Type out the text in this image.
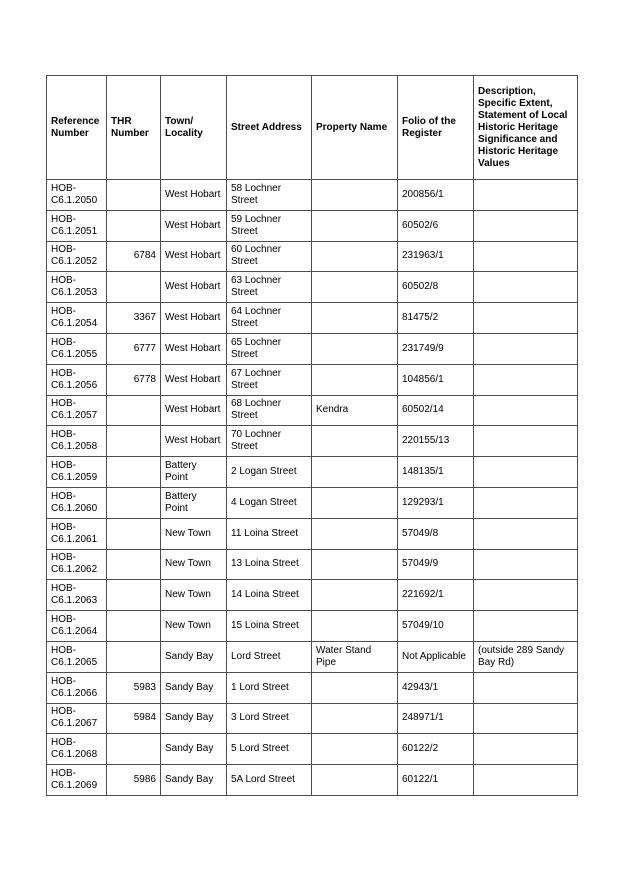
Reference Number	THR Number	Town/ Locality	Street Address	Property Name	Folio of the Register	Description, Specific Extent, Statement of Local Historic Heritage Significance and Historic Heritage Values
HOB-C6.1.2050		West Hobart	58 Lochner Street		200856/1	
HOB-C6.1.2051		West Hobart	59 Lochner Street		60502/6	
HOB-C6.1.2052	6784	West Hobart	60 Lochner Street		231963/1	
HOB-C6.1.2053		West Hobart	63 Lochner Street		60502/8	
HOB-C6.1.2054	3367	West Hobart	64 Lochner Street		81475/2	
HOB-C6.1.2055	6777	West Hobart	65 Lochner Street		231749/9	
HOB-C6.1.2056	6778	West Hobart	67 Lochner Street		104856/1	
HOB-C6.1.2057		West Hobart	68 Lochner Street	Kendra	60502/14	
HOB-C6.1.2058		West Hobart	70 Lochner Street		220155/13	
HOB-C6.1.2059		Battery Point	2 Logan Street		148135/1	
HOB-C6.1.2060		Battery Point	4 Logan Street		129293/1	
HOB-C6.1.2061		New Town	11 Loina Street		57049/8	
HOB-C6.1.2062		New Town	13 Loina Street		57049/9	
HOB-C6.1.2063		New Town	14 Loina Street		221692/1	
HOB-C6.1.2064		New Town	15 Loina Street		57049/10	
HOB-C6.1.2065		Sandy Bay	Lord Street	Water Stand Pipe	Not Applicable	(outside 289 Sandy Bay Rd)
HOB-C6.1.2066	5983	Sandy Bay	1 Lord Street		42943/1	
HOB-C6.1.2067	5984	Sandy Bay	3 Lord Street		248971/1	
HOB-C6.1.2068		Sandy Bay	5 Lord Street		60122/2	
HOB-C6.1.2069	5986	Sandy Bay	5A Lord Street		60122/1	
